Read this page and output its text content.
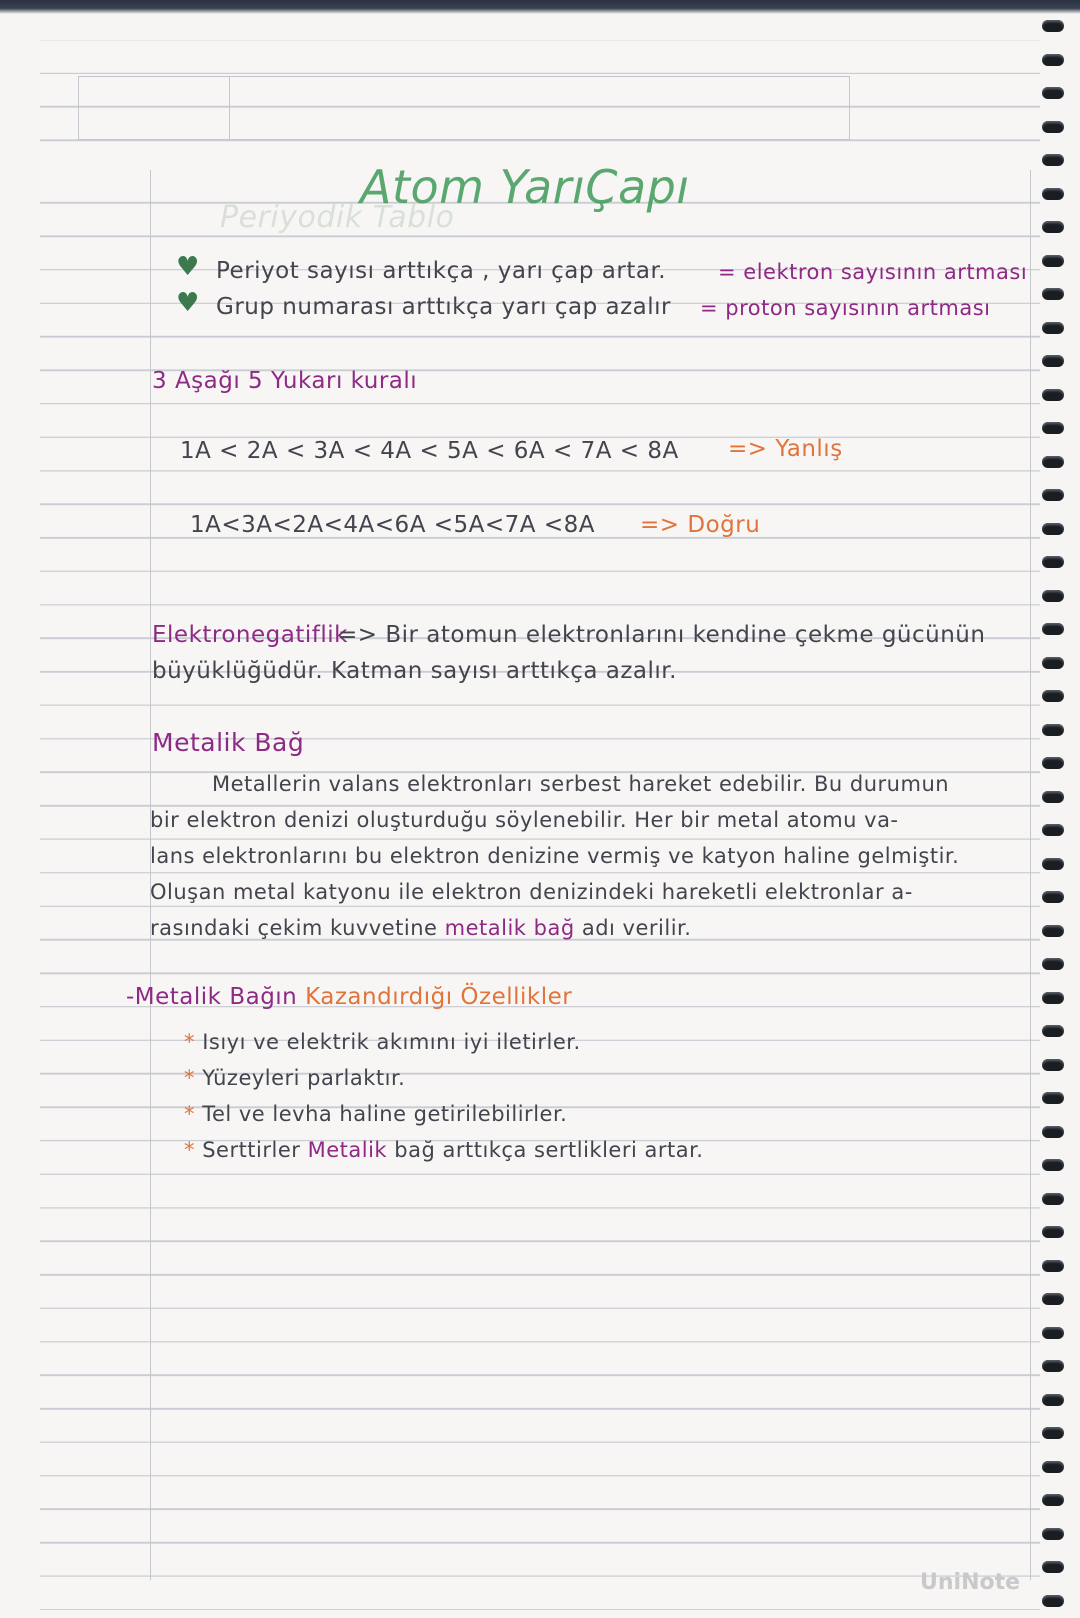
Periyodik Tablo
Atom YarıÇapı
♥ Periyot sayısı arttıkça , yarı çap artar. = elektron sayısının artması
♥ Grup numarası arttıkça yarı çap azalır = proton sayısının artması
3 Aşağı 5 Yukarı kuralı
1A < 2A < 3A < 4A < 5A < 6A < 7A < 8A => Yanlış
1A<3A<2A<4A<6A <5A<7A <8A => Doğru
Elektronegatiflik
=> Bir atomun elektronlarını kendine çekme gücünün
büyüklüğüdür. Katman sayısı arttıkça azalır.
Metalik Bağ
Metallerin valans elektronları serbest hareket edebilir. Bu durumun
bir elektron denizi oluşturduğu söylenebilir. Her bir metal atomu va-
lans elektronlarını bu elektron denizine vermiş ve katyon haline gelmiştir.
Oluşan metal katyonu ile elektron denizindeki hareketli elektronlar a-
rasındaki çekim kuvvetine metalik bağ adı verilir.
-Metalik Bağın Kazandırdığı Özellikler
* Isıyı ve elektrik akımını iyi iletirler.
* Yüzeyleri parlaktır.
* Tel ve levha haline getirilebilirler.
* Serttirler Metalik bağ arttıkça sertlikleri artar.
UniNote
